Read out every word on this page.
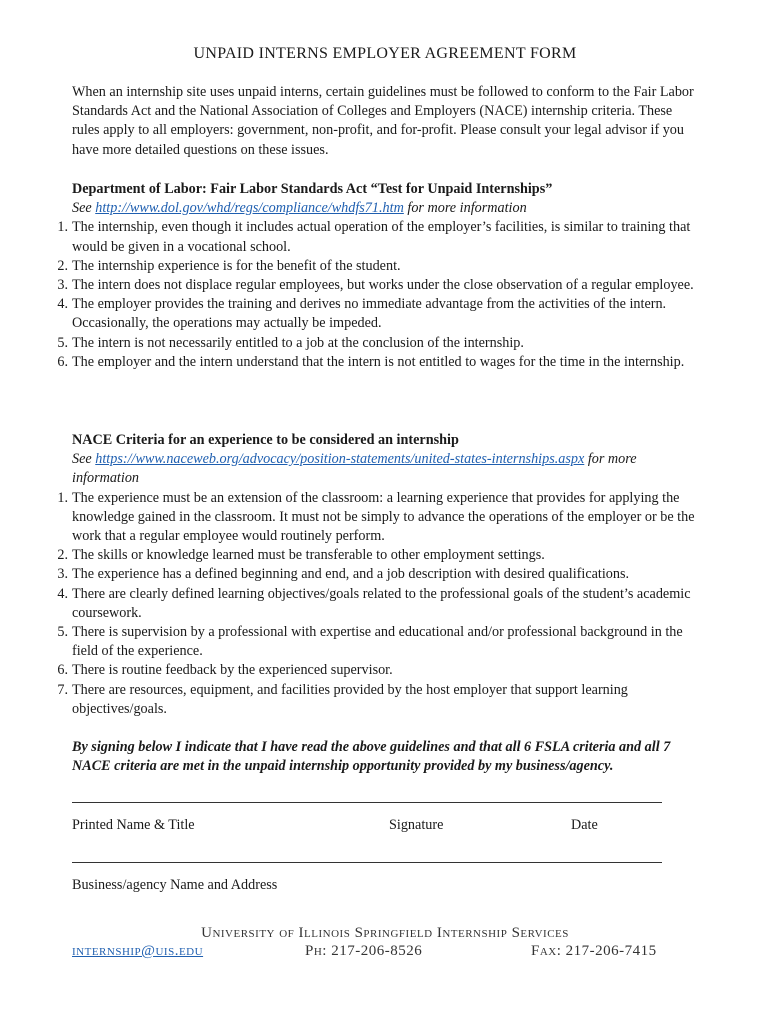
UNPAID INTERNS EMPLOYER AGREEMENT FORM
When an internship site uses unpaid interns, certain guidelines must be followed to conform to the Fair Labor Standards Act and the National Association of Colleges and Employers (NACE) internship criteria. These rules apply to all employers: government, non-profit, and for-profit. Please consult your legal advisor if you have more detailed questions on these issues.
Department of Labor: Fair Labor Standards Act “Test for Unpaid Internships”
See http://www.dol.gov/whd/regs/compliance/whdfs71.htm for more information
1. The internship, even though it includes actual operation of the employer’s facilities, is similar to training that would be given in a vocational school.
2. The internship experience is for the benefit of the student.
3. The intern does not displace regular employees, but works under the close observation of a regular employee.
4. The employer provides the training and derives no immediate advantage from the activities of the intern. Occasionally, the operations may actually be impeded.
5. The intern is not necessarily entitled to a job at the conclusion of the internship.
6. The employer and the intern understand that the intern is not entitled to wages for the time in the internship.
NACE Criteria for an experience to be considered an internship
See https://www.naceweb.org/advocacy/position-statements/united-states-internships.aspx for more information
1. The experience must be an extension of the classroom: a learning experience that provides for applying the knowledge gained in the classroom. It must not be simply to advance the operations of the employer or be the work that a regular employee would routinely perform.
2. The skills or knowledge learned must be transferable to other employment settings.
3. The experience has a defined beginning and end, and a job description with desired qualifications.
4. There are clearly defined learning objectives/goals related to the professional goals of the student’s academic coursework.
5. There is supervision by a professional with expertise and educational and/or professional background in the field of the experience.
6. There is routine feedback by the experienced supervisor.
7. There are resources, equipment, and facilities provided by the host employer that support learning objectives/goals.
By signing below I indicate that I have read the above guidelines and that all 6 FSLA criteria and all 7 NACE criteria are met in the unpaid internship opportunity provided by my business/agency.
Printed Name & Title	Signature	Date
Business/agency Name and Address
University of Illinois Springfield Internship Services
internship@uis.edu	Ph: 217-206-8526	Fax: 217-206-7415
